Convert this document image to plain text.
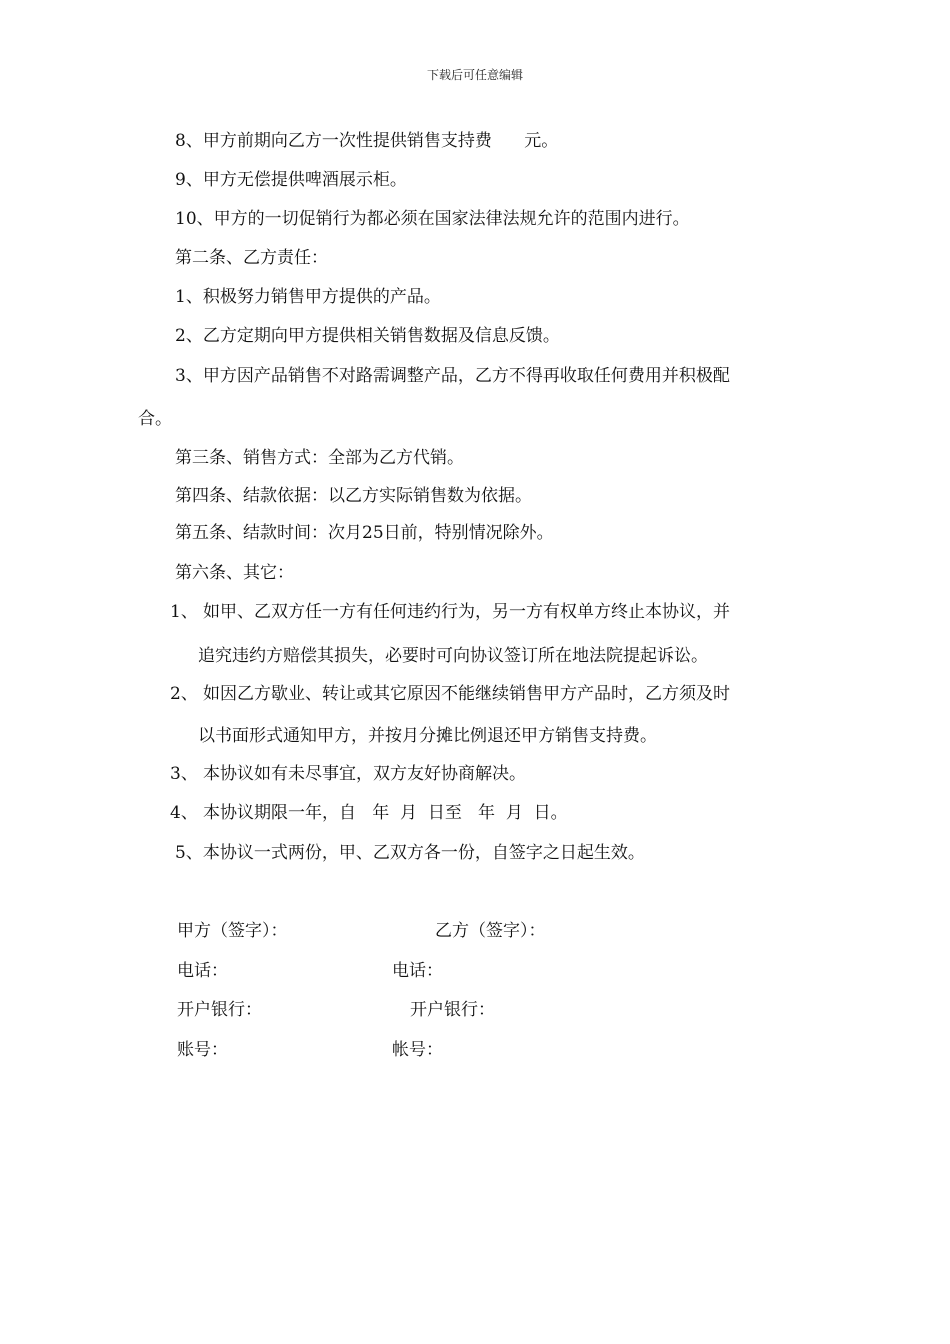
下载后可任意编辑
8、甲方前期向乙方一次性提供销售支持费      元。
9、甲方无偿提供啤酒展示柜。
10、甲方的一切促销行为都必须在国家法律法规允许的范围内进行。
第二条、乙方责任：
1、积极努力销售甲方提供的产品。
2、乙方定期向甲方提供相关销售数据及信息反馈。
3、甲方因产品销售不对路需调整产品，乙方不得再收取任何费用并积极配
合。
第三条、销售方式：全部为乙方代销。
第四条、结款依据：以乙方实际销售数为依据。
第五条、结款时间：次月25日前，特别情况除外。
第六条、其它：
1、 如甲、乙双方任一方有任何违约行为，另一方有权单方终止本协议，并
追究违约方赔偿其损失，必要时可向协议签订所在地法院提起诉讼。
2、 如因乙方歇业、转让或其它原因不能继续销售甲方产品时，乙方须及时
以书面形式通知甲方，并按月分摊比例退还甲方销售支持费。
3、 本协议如有未尽事宜，双方友好协商解决。
4、 本协议期限一年，自   年  月  日至   年  月  日。
5、本协议一式两份，甲、乙双方各一份，自签字之日起生效。
甲方（签字）：	乙方（签字）：
电话：	电话：
开户银行：	开户银行：
账号：	帐号：
